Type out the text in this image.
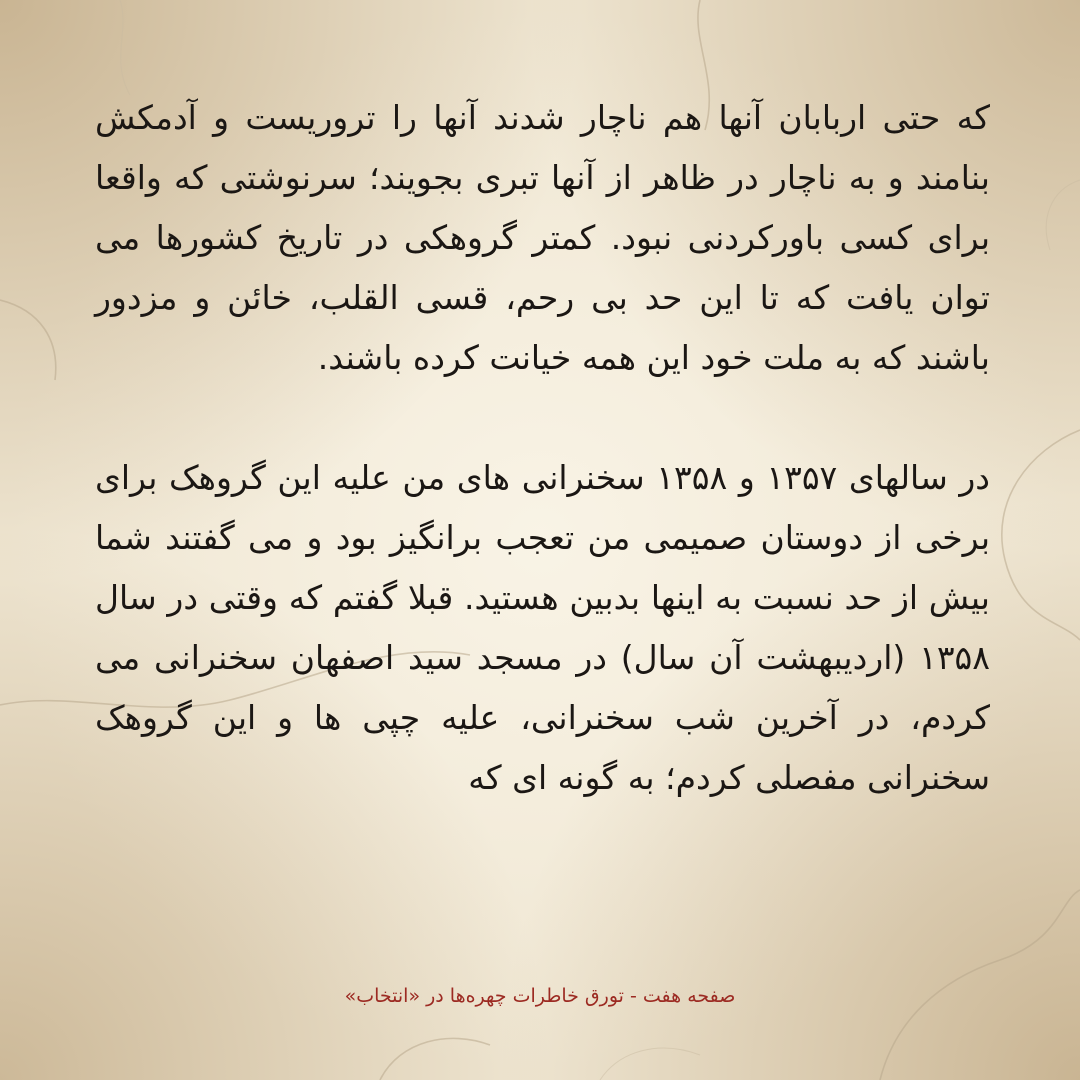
که حتی اربابان آنها هم ناچار شدند آنها را تروریست و آدمکش بنامند و به ناچار در ظاهر از آنها تبری بجویند؛ سرنوشتی که واقعا برای کسی باورکردنی نبود. کمتر گروهکی در تاریخ کشورها می توان یافت که تا این حد بی رحم، قسی القلب، خائن و مزدور باشند که به ملت خود این همه خیانت کرده باشند.

در سالهای ۱۳۵۷ و ۱۳۵۸ سخنرانی های من علیه این گروهک برای برخی از دوستان صمیمی من تعجب برانگیز بود و می گفتند شما بیش از حد نسبت به اینها بدبین هستید. قبلا گفتم که وقتی در سال ۱۳۵۸ (اردیبهشت آن سال) در مسجد سید اصفهان سخنرانی می کردم، در آخرین شب سخنرانی، علیه چپی ها و این گروهک سخنرانی مفصلی کردم؛ به گونه ای که

صفحه هفت - تورق خاطرات چهره‌ها در «انتخاب»
